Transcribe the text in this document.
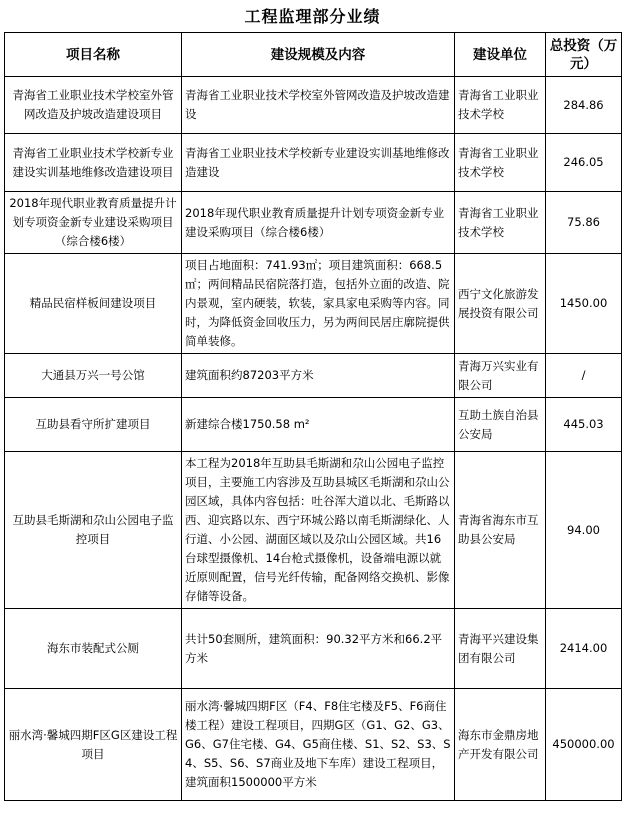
工程监理部分业绩
项目名称	建设规模及内容	建设单位	总投资（万元）
青海省工业职业技术学校室外管网改造及护坡改造建设项目	青海省工业职业技术学校室外管网改造及护坡改造建设	青海省工业职业技术学校	284.86
青海省工业职业技术学校新专业建设实训基地维修改造建设项目	青海省工业职业技术学校新专业建设实训基地维修改造建设	青海省工业职业技术学校	246.05
2018年现代职业教育质量提升计划专项资金新专业建设采购项目（综合楼6楼）	2018年现代职业教育质量提升计划专项资金新专业建设采购项目（综合楼6楼）	青海省工业职业技术学校	75.86
精品民宿样板间建设项目	项目占地面积：741.93㎡；项目建筑面积：668.5㎡；两间精品民宿院落打造，包括外立面的改造、院内景观，室内硬装，软装，家具家电采购等内容。同时，为降低资金回收压力，另为两间民居庄廓院提供简单装修。	西宁文化旅游发展投资有限公司	1450.00
大通县万兴一号公馆	建筑面积约87203平方米	青海万兴实业有限公司	/
互助县看守所扩建项目	新建综合楼1750.58 m²	互助土族自治县公安局	445.03
互助县毛斯湖和尕山公园电子监控项目	本工程为2018年互助县毛斯湖和尕山公园电子监控项目，主要施工内容涉及互助县城区毛斯湖和尕山公园区域，具体内容包括：吐谷浑大道以北、毛斯路以西、迎宾路以东、西宁环城公路以南毛斯湖绿化、人行道、小公园、湖面区域以及尕山公园区域。共16台球型摄像机、14台枪式摄像机，设备端电源以就近原则配置，信号光纤传输，配备网络交换机、影像存储等设备。	青海省海东市互助县公安局	94.00
海东市装配式公厕	共计50套厕所，建筑面积：90.32平方米和66.2平方米	青海平兴建设集团有限公司	2414.00
丽水湾·馨城四期F区G区建设工程项目	丽水湾·馨城四期F区（F4、F8住宅楼及F5、F6商住楼工程）建设工程项目，四期G区（G1、G2、G3、G6、G7住宅楼、G4、G5商住楼、S1、S2、S3、S4、S5、S6、S7商业及地下车库）建设工程项目，建筑面积1500000平方米	海东市金鼎房地产开发有限公司	450000.00
